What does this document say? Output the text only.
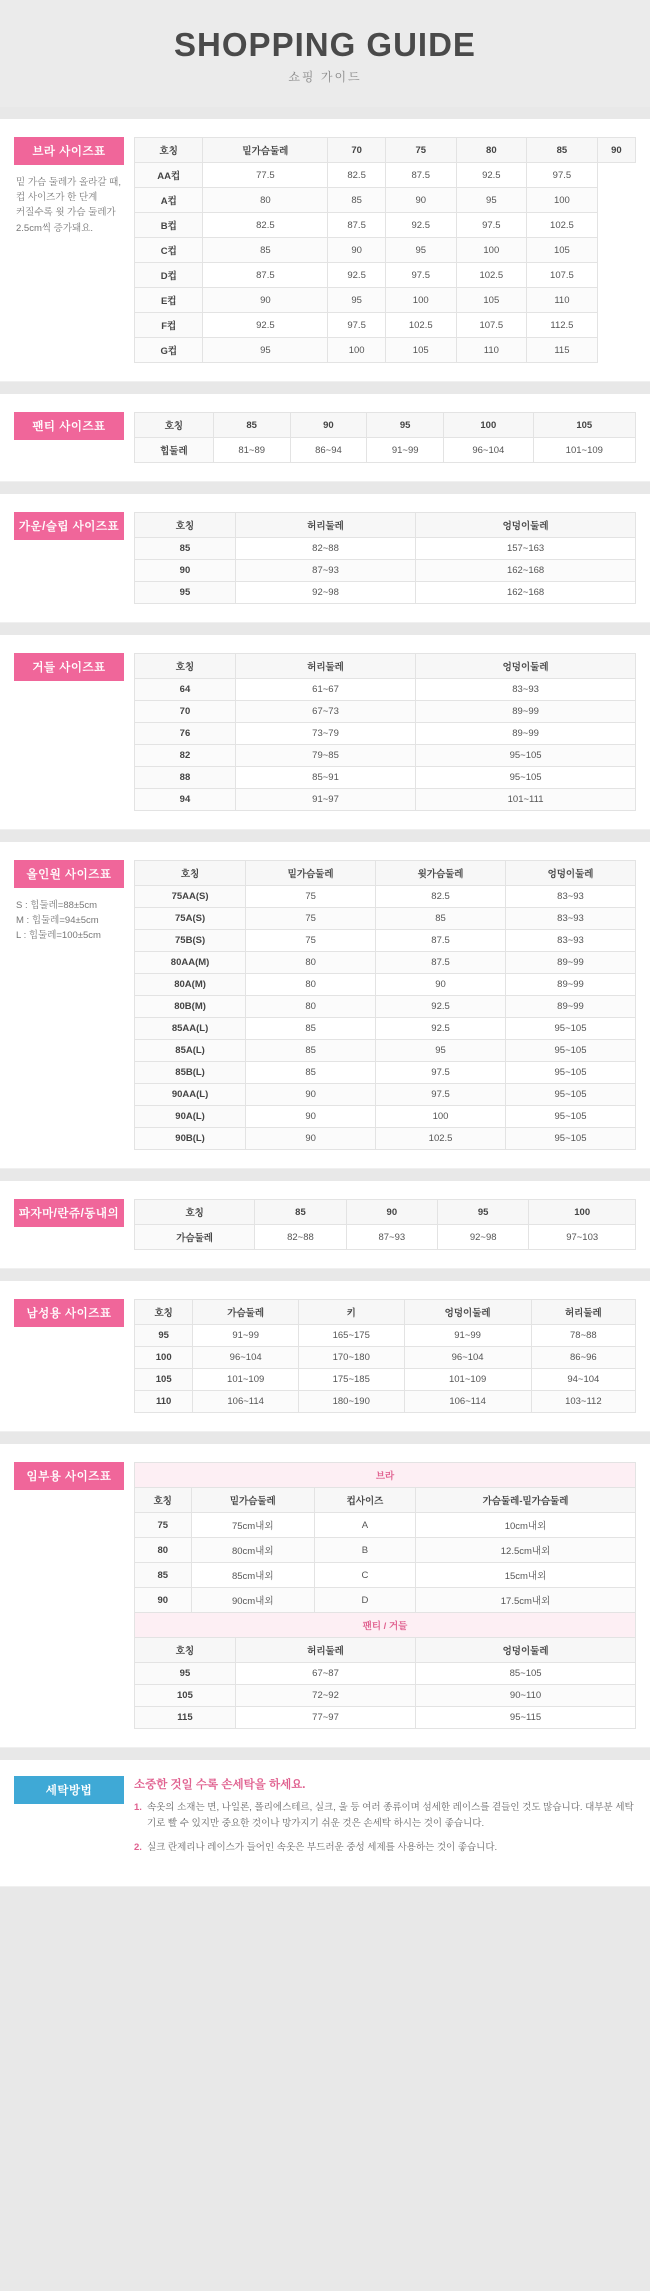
SHOPPING GUIDE
쇼핑 가이드
브라 사이즈표
밑 가슴 둘레가 올라갈 때,
컵 사이즈가 한 단계
커질수록 윗 가슴 둘레가
2.5cm씩 증가돼요.
호칭	밑가슴둘레	70	75	80	85	90
AA컵	77.5	82.5	87.5	92.5	97.5	
A컵	80	85	90	95	100	
B컵	82.5	87.5	92.5	97.5	102.5	
C컵	85	90	95	100	105	
D컵	87.5	92.5	97.5	102.5	107.5	
E컵	90	95	100	105	110	
F컵	92.5	97.5	102.5	107.5	112.5	
G컵	95	100	105	110	115	
팬티 사이즈표	호칭	85	90	95	100	105
힙둘레	81~89	86~94	91~99	96~104	101~109
가운/슬립 사이즈표	호칭	허리둘레	엉덩이둘레
85	82~88	157~163
90	87~93	162~168
95	92~98	162~168
거들 사이즈표	호칭	허리둘레	엉덩이둘레
64	61~67	83~93
70	67~73	89~99
76	73~79	89~99
82	79~85	95~105
88	85~91	95~105
94	91~97	101~111
올인원 사이즈표
S : 힙둘레=88±5cm
M : 힙둘레=94±5cm
L : 힙둘레=100±5cm
호칭	밑가슴둘레	윗가슴둘레	엉덩이둘레
75AA(S)	75	82.5	83~93
75A(S)	75	85	83~93
75B(S)	75	87.5	83~93
80AA(M)	80	87.5	89~99
80A(M)	80	90	89~99
80B(M)	80	92.5	89~99
85AA(L)	85	92.5	95~105
85A(L)	85	95	95~105
85B(L)	85	97.5	95~105
90AA(L)	90	97.5	95~105
90A(L)	90	100	95~105
90B(L)	90	102.5	95~105
파자마/란쥬/동내의	호칭	85	90	95	100
가슴둘레	82~88	87~93	92~98	97~103
남성용 사이즈표	호칭	가슴둘레	키	엉덩이둘레	허리둘레
95	91~99	165~175	91~99	78~88
100	96~104	170~180	96~104	86~96
105	101~109	175~185	101~109	94~104
110	106~114	180~190	106~114	103~112
임부용 사이즈표	브라
호칭	밑가슴둘레	컵사이즈	가슴둘레-밑가슴둘레
75	75cm내외	A	10cm내외
80	80cm내외	B	12.5cm내외
85	85cm내외	C	15cm내외
90	90cm내외	D	17.5cm내외
팬티 / 거들
호칭	허리둘레	엉덩이둘레
95	67~87	85~105
105	72~92	90~110
115	77~97	95~115
세탁방법	소중한 것일 수록 손세탁을 하세요.
1. 속옷의 소재는 면, 나일론, 폴리에스테르, 실크, 울 등 여러 종류이며 섬세한 레이스를 곁들인 것도 많습니다. 대부분 세탁기로 빨 수 있지만 중요한 것이나 망가지기 쉬운 것은 손세탁 하시는 것이 좋습니다.
2. 실크 란제리나 레이스가 들어인 속옷은 부드러운 중성 세제를 사용하는 것이 좋습니다.
